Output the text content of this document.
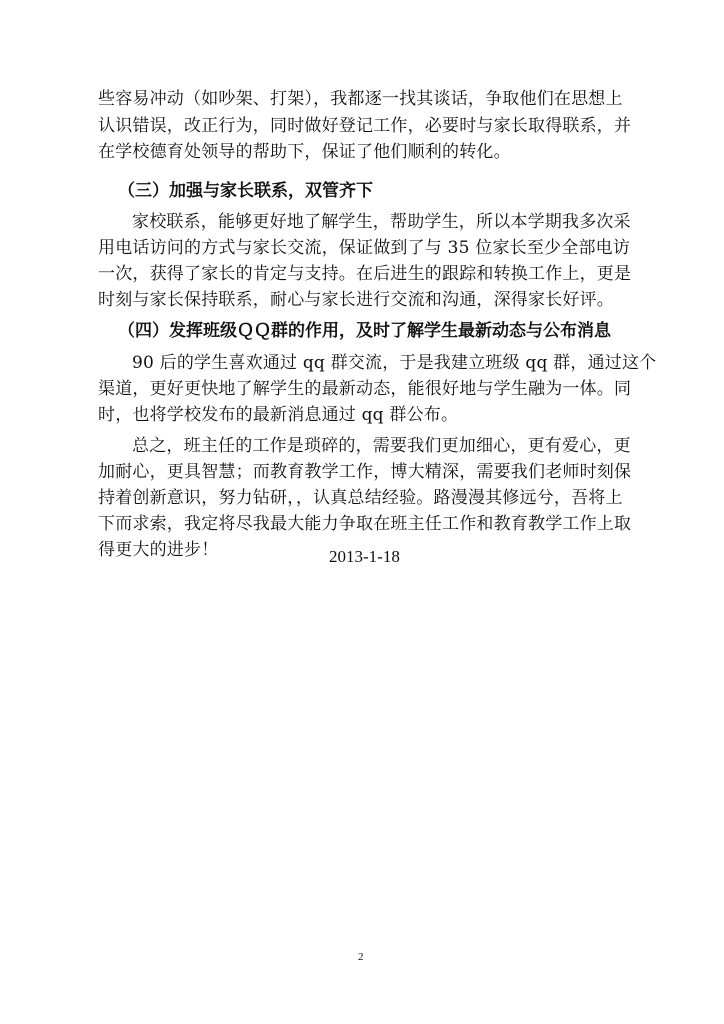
些容易冲动（如吵架、打架），我都逐一找其谈话，争取他们在思想上
认识错误，改正行为，同时做好登记工作，必要时与家长取得联系，并
在学校德育处领导的帮助下，保证了他们顺利的转化。
（三）加强与家长联系，双管齐下
家校联系，能够更好地了解学生，帮助学生，所以本学期我多次采
用电话访问的方式与家长交流，保证做到了与 35 位家长至少全部电访
一次，获得了家长的肯定与支持。在后进生的跟踪和转换工作上，更是
时刻与家长保持联系，耐心与家长进行交流和沟通，深得家长好评。
（四）发挥班级ＱＱ群的作用，及时了解学生最新动态与公布消息
90 后的学生喜欢通过 qq 群交流，于是我建立班级 qq 群，通过这个
渠道，更好更快地了解学生的最新动态，能很好地与学生融为一体。同
时，也将学校发布的最新消息通过 qq 群公布。
总之，班主任的工作是琐碎的，需要我们更加细心，更有爱心，更
加耐心，更具智慧；而教育教学工作，博大精深，需要我们老师时刻保
持着创新意识，努力钻研，，认真总结经验。路漫漫其修远兮，吾将上
下而求索，我定将尽我最大能力争取在班主任工作和教育教学工作上取
得更大的进步！	2013-1-18
2
